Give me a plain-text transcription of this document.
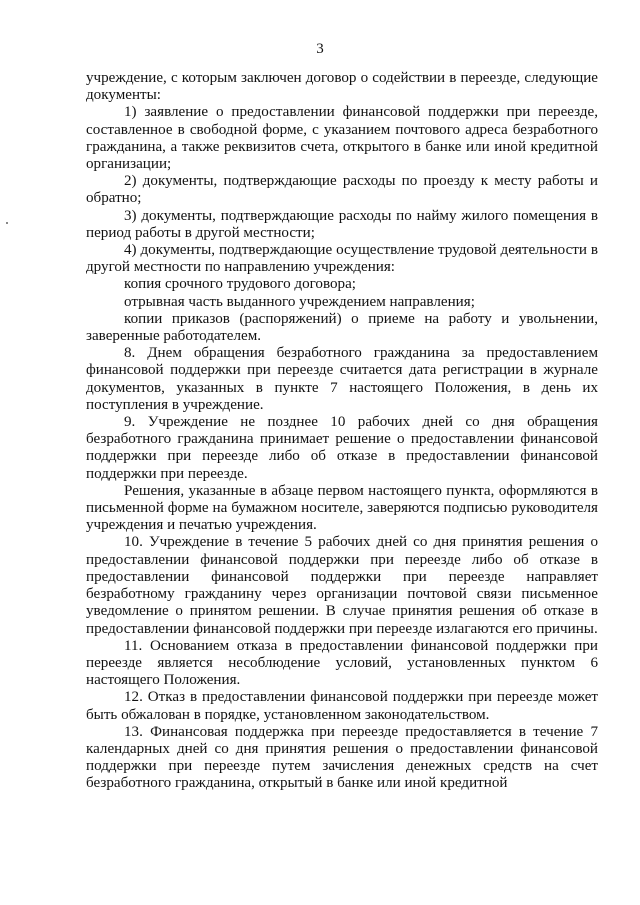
3

учреждение, с которым заключен договор о содействии в переезде, следующие документы:

1) заявление о предоставлении финансовой поддержки при переезде, составленное в свободной форме, с указанием почтового адреса безработного гражданина, а также реквизитов счета, открытого в банке или иной кредитной организации;

2) документы, подтверждающие расходы по проезду к месту работы и обратно;

3) документы, подтверждающие расходы по найму жилого помещения в период работы в другой местности;

4) документы, подтверждающие осуществление трудовой деятельности в другой местности по направлению учреждения:

копия срочного трудового договора;

отрывная часть выданного учреждением направления;

копии приказов (распоряжений) о приеме на работу и увольнении, заверенные работодателем.

8. Днем обращения безработного гражданина за предоставлением финансовой поддержки при переезде считается дата регистрации в журнале документов, указанных в пункте 7 настоящего Положения, в день их поступления в учреждение.

9. Учреждение не позднее 10 рабочих дней со дня обращения безработного гражданина принимает решение о предоставлении финансовой поддержки при переезде либо об отказе в предоставлении финансовой поддержки при переезде.

Решения, указанные в абзаце первом настоящего пункта, оформляются в письменной форме на бумажном носителе, заверяются подписью руководителя учреждения и печатью учреждения.

10. Учреждение в течение 5 рабочих дней со дня принятия решения о предоставлении финансовой поддержки при переезде либо об отказе в предоставлении финансовой поддержки при переезде направляет безработному гражданину через организации почтовой связи письменное уведомление о принятом решении. В случае принятия решения об отказе в предоставлении финансовой поддержки при переезде излагаются его причины.

11. Основанием отказа в предоставлении финансовой поддержки при переезде является несоблюдение условий, установленных пунктом 6 настоящего Положения.

12. Отказ в предоставлении финансовой поддержки при переезде может быть обжалован в порядке, установленном законодательством.

13. Финансовая поддержка при переезде предоставляется в течение 7 календарных дней со дня принятия решения о предоставлении финансовой поддержки при переезде путем зачисления денежных средств на счет безработного гражданина, открытый в банке или иной кредитной
